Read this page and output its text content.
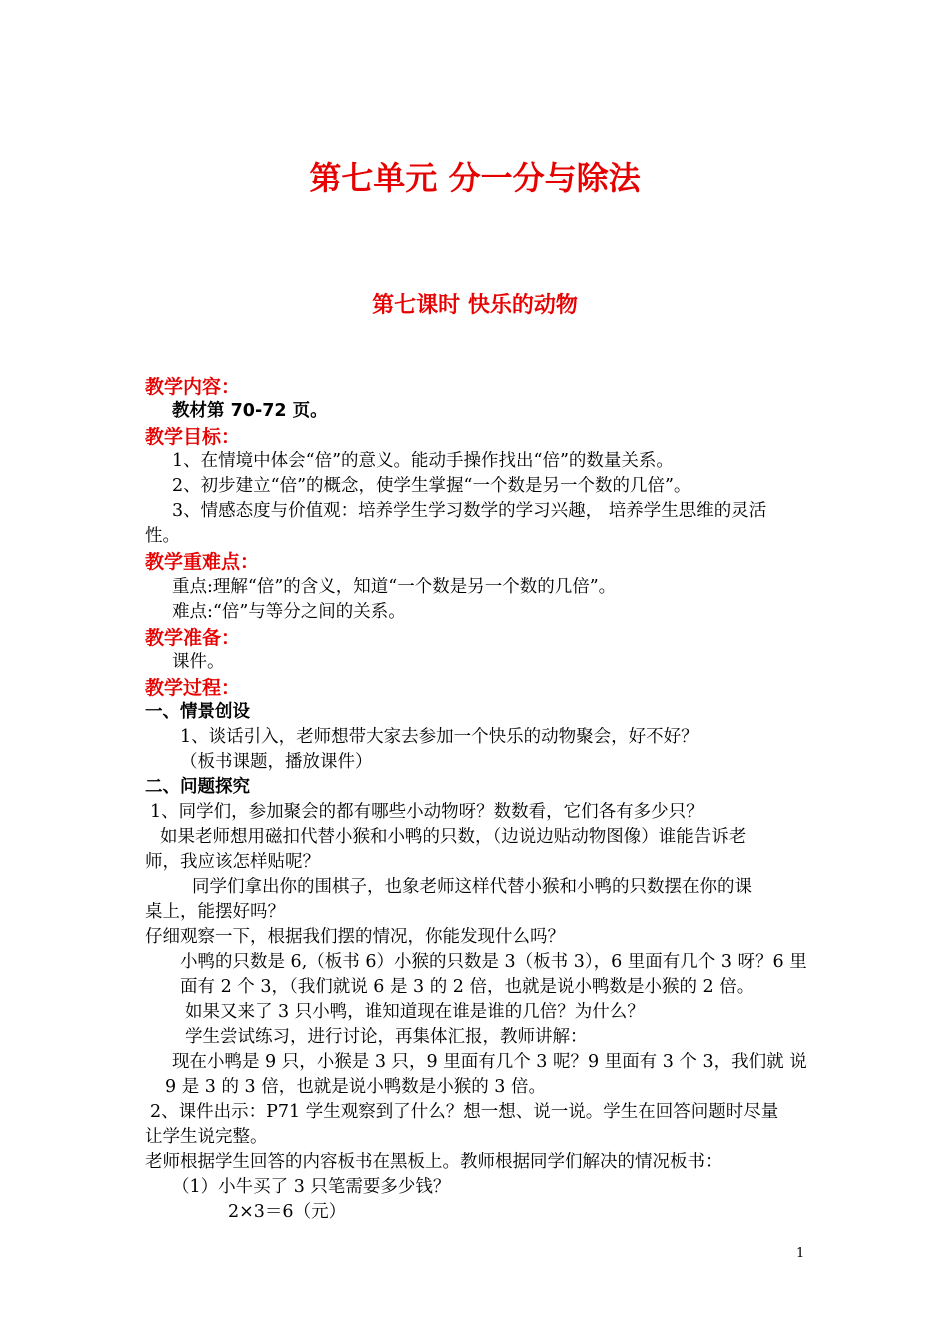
第七单元 分一分与除法
第七课时 快乐的动物
教学内容：
教材第 70-72 页。
教学目标：
1、在情境中体会“倍”的意义。能动手操作找出“倍”的数量关系。
2、初步建立“倍”的概念，使学生掌握“一个数是另一个数的几倍”。
3、情感态度与价值观：培养学生学习数学的学习兴趣， 培养学生思维的灵活
性。
教学重难点：
重点:理解“倍”的含义，知道“一个数是另一个数的几倍”。
难点:“倍”与等分之间的关系。
教学准备：
课件。
教学过程：
一、情景创设
1、谈话引入，老师想带大家去参加一个快乐的动物聚会，好不好？
（板书课题，播放课件）
二、问题探究
1、同学们，参加聚会的都有哪些小动物呀？数数看，它们各有多少只？
如果老师想用磁扣代替小猴和小鸭的只数，（边说边贴动物图像）谁能告诉老
师，我应该怎样贴呢？
同学们拿出你的围棋子，也象老师这样代替小猴和小鸭的只数摆在你的课
桌上，能摆好吗？
仔细观察一下，根据我们摆的情况，你能发现什么吗？
小鸭的只数是 6,（板书 6）小猴的只数是 3（板书 3），6 里面有几个 3 呀？6 里
面有 2 个 3，（我们就说 6 是 3 的 2 倍，也就是说小鸭数是小猴的 2 倍。
如果又来了 3 只小鸭，谁知道现在谁是谁的几倍？为什么？
学生尝试练习，进行讨论，再集体汇报，教师讲解：
现在小鸭是 9 只，小猴是 3 只，9 里面有几个 3 呢？9 里面有 3 个 3，我们就 说
9 是 3 的 3 倍，也就是说小鸭数是小猴的 3 倍。
2、课件出示：P71 学生观察到了什么？想一想、说一说。学生在回答问题时尽量
让学生说完整。
老师根据学生回答的内容板书在黑板上。教师根据同学们解决的情况板书：
（1）小牛买了 3 只笔需要多少钱？
2×3＝6（元）
1
